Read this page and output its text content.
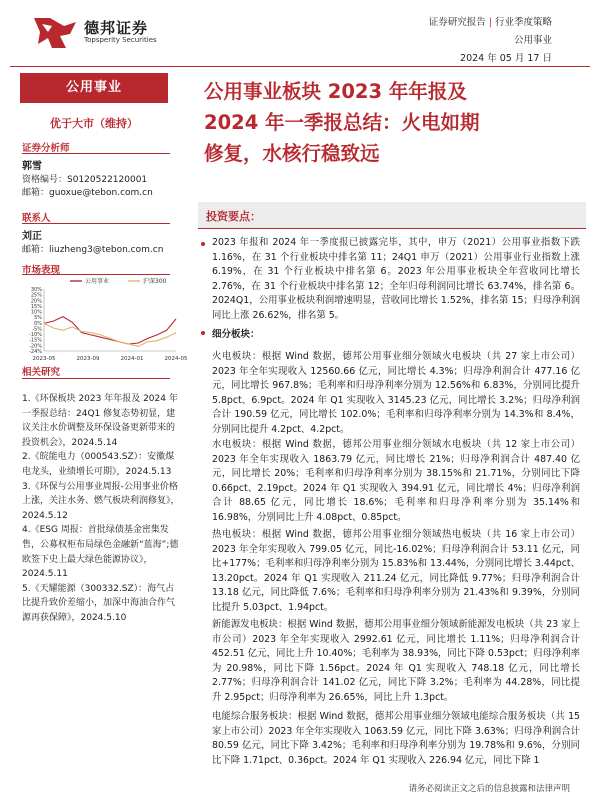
德邦证券
Topsperity Securities
证券研究报告 | 行业季度策略
公用事业
2024 年 05 月 17 日
公用事业
优于大市（维持）
证券分析师
郭雪
资格编号：S0120522120001
邮箱：guoxue@tebon.com.cn
联系人
刘正
邮箱：liuzheng3@tebon.com.cn
市场表现
30%
25%
20%
15%
10%
5%
0%
-5%
-10%
-15%
-20%
-24%
2023-05	2023-09	2024-01	2024-05
公用事业	沪深300
相关研究
1.《环保板块 2023 年年报及 2024 年一季报总结：24Q1 修复态势初显，建议关注水价调整及环保设备更新带来的投资机会》，2024.5.14
2.《皖能电力（000543.SZ）：安徽煤电龙头，业绩增长可期》，2024.5.13
3.《环保与公用事业周报-公用事业价格上涨，关注水务、燃气板块利润修复》，2024.5.12
4.《ESG 周报：首批绿债基金密集发售，公募权柜布局绿色金融新“蓝海”;德欧签下史上最大绿色能源协议》，2024.5.11
5.《天耀能源（300332.SZ）：海气占比提升致价差缩小，加深中海油合作气源再获保障》，2024.5.10
公用事业板块 2023 年年报及
2024 年一季报总结：火电如期
修复，水核行稳致远
投资要点：
2023 年报和 2024 年一季度报已披露完毕，其中，申万（2021）公用事业指数下跌 1.16%，在 31 个行业板块中排名第 11；24Q1 申万（2021）公用事业行业指数上涨 6.19%，在 31 个行业板块中排名第 6。2023 年公用事业板块全年营收同比增长 2.76%，在 31 个行业板块中排名第 12；全年归母利润同比增长 63.74%，排名第 6。2024Q1，公用事业板块利润增速明显，营收同比增长 1.52%，排名第 15；归母净利润同比上涨 26.62%，排名第 5。
细分板块：
火电板块：根据 Wind 数据，德邦公用事业细分领域火电板块（共 27 家上市公司）2023 年全年实现收入 12560.66 亿元，同比增长 4.3%；归母净利润合计 477.16 亿元，同比增长 967.8%；毛利率和归母净利率分别为 12.56%和 6.83%，分别同比提升 5.8pct、6.9pct。2024 年 Q1 实现收入 3145.23 亿元，同比增长 3.2%；归母净利润合计 190.59 亿元，同比增长 102.0%；毛利率和归母净利率分别为 14.3%和 8.4%，分别同比提升 4.2pct、4.2pct。
水电板块：根据 Wind 数据，德邦公用事业细分领域水电板块（共 12 家上市公司）2023 年全年实现收入 1863.79 亿元，同比增长 21%；归母净利润合计 487.40 亿元，同比增长 20%；毛利率和归母净利率分别为 38.15%和 21.71%，分别同比下降 0.66pct、2.19pct。2024 年 Q1 实现收入 394.91 亿元，同比增长 4%；归母净利润合计 88.65 亿元，同比增长 18.6%；毛利率和归母净利率分别为 35.14%和 16.98%，分别同比上升 4.08pct、0.85pct。
热电板块：根据 Wind 数据，德邦公用事业细分领域热电板块（共 16 家上市公司）2023 年全年实现收入 799.05 亿元，同比-16.02%；归母净利润合计 53.11 亿元，同比+177%；毛利率和归母净利率分别为 15.83%和 13.44%，分别同比增长 3.44pct、13.20pct。2024 年 Q1 实现收入 211.24 亿元，同比降低 9.77%；归母净利润合计 13.18 亿元，同比降低 7.6%；毛利率和归母净利率分别为 21.43%和 9.39%，分别同比提升 5.03pct、1.94pct。
新能源发电板块：根据 Wind 数据，德邦公用事业细分领域新能源发电板块（共 23 家上市公司）2023 年全年实现收入 2992.61 亿元，同比增长 1.11%；归母净利润合计 452.51 亿元，同比上升 10.40%；毛利率为 38.93%，同比下降 0.53pct；归母净利率为 20.98%，同比下降 1.56pct。2024 年 Q1 实现收入 748.18 亿元，同比增长 2.77%；归母净利润合计 141.02 亿元，同比下降 3.2%；毛利率为 44.28%，同比提升 2.95pct；归母净利率为 26.65%，同比上升 1.3pct。
电能综合服务板块：根据 Wind 数据，德邦公用事业细分领域电能综合服务板块（共 15 家上市公司）2023 年全年实现收入 1063.59 亿元，同比下降 3.63%；归母净利润合计 80.59 亿元，同比下降 3.42%；毛利率和归母净利率分别为 19.78%和 9.6%，分别同比下降 1.71pct、0.36pct。2024 年 Q1 实现收入 226.94 亿元，同比下降 1
请务必阅读正文之后的信息披露和法律声明
